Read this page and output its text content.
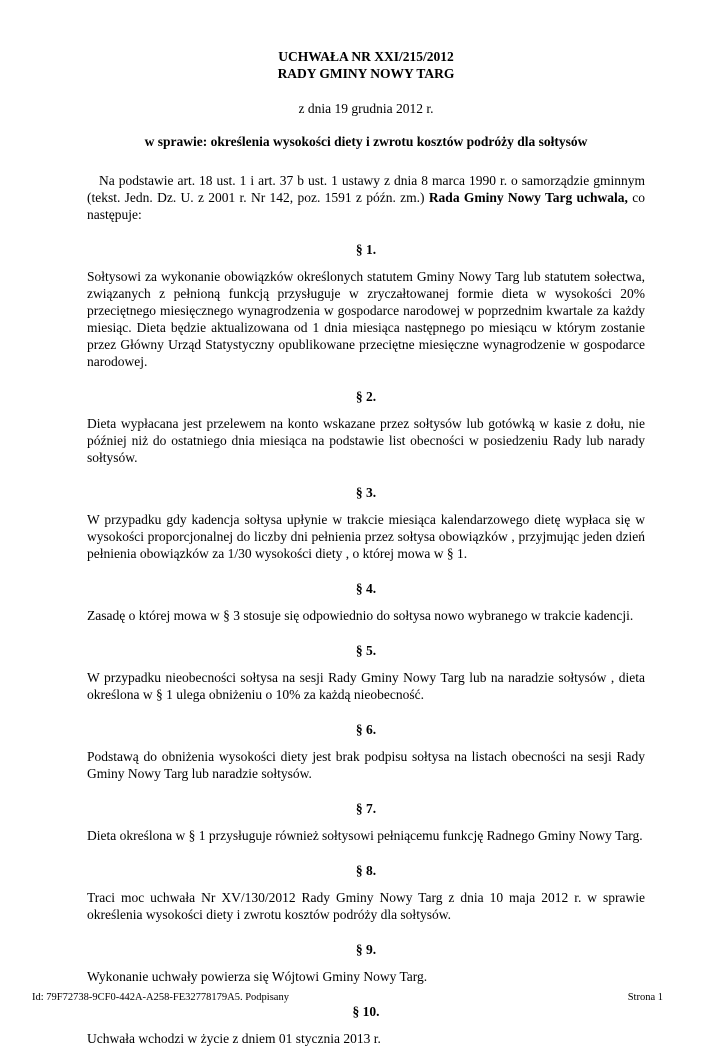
UCHWAŁA NR XXI/215/2012
RADY GMINY NOWY TARG
z dnia 19 grudnia 2012 r.
w sprawie: określenia wysokości diety i zwrotu kosztów podróży dla sołtysów
Na podstawie art. 18 ust. 1 i art. 37 b ust. 1 ustawy z dnia 8 marca 1990 r. o samorządzie gminnym (tekst. Jedn. Dz. U. z 2001 r. Nr 142, poz. 1591 z późn. zm.) Rada Gminy Nowy Targ uchwala, co następuje:
§ 1.
Sołtysowi za wykonanie obowiązków określonych statutem Gminy Nowy Targ lub statutem sołectwa, związanych z pełnioną funkcją przysługuje w zryczałtowanej formie dieta w wysokości 20% przeciętnego miesięcznego wynagrodzenia w gospodarce narodowej w poprzednim kwartale za każdy miesiąc. Dieta będzie aktualizowana od 1 dnia miesiąca następnego po miesiącu w którym zostanie przez Główny Urząd Statystyczny opublikowane przeciętne miesięczne wynagrodzenie w gospodarce narodowej.
§ 2.
Dieta wypłacana jest przelewem na konto wskazane przez sołtysów lub gotówką w kasie z dołu, nie później niż do ostatniego dnia miesiąca na podstawie list obecności w posiedzeniu Rady lub narady sołtysów.
§ 3.
W przypadku gdy kadencja sołtysa upłynie w trakcie miesiąca kalendarzowego dietę wypłaca się w wysokości proporcjonalnej do liczby dni pełnienia przez sołtysa obowiązków , przyjmując jeden dzień pełnienia obowiązków za 1/30 wysokości diety , o której mowa w § 1.
§ 4.
Zasadę o której mowa w § 3 stosuje się odpowiednio do sołtysa nowo wybranego w trakcie kadencji.
§ 5.
W przypadku nieobecności sołtysa na sesji Rady Gminy Nowy Targ lub na naradzie sołtysów , dieta określona w § 1 ulega obniżeniu o 10% za każdą nieobecność.
§ 6.
Podstawą do obniżenia wysokości diety jest brak podpisu sołtysa na listach obecności na sesji Rady Gminy Nowy Targ lub naradzie sołtysów.
§ 7.
Dieta określona w § 1 przysługuje również sołtysowi pełniącemu funkcję Radnego Gminy Nowy Targ.
§ 8.
Traci moc uchwała Nr XV/130/2012 Rady Gminy Nowy Targ z dnia 10 maja 2012 r. w sprawie określenia wysokości diety i zwrotu kosztów podróży dla sołtysów.
§ 9.
Wykonanie uchwały powierza się Wójtowi Gminy Nowy Targ.
§ 10.
Uchwała wchodzi w życie z dniem 01 stycznia 2013 r.
Id: 79F72738-9CF0-442A-A258-FE32778179A5. Podpisany	Strona 1
